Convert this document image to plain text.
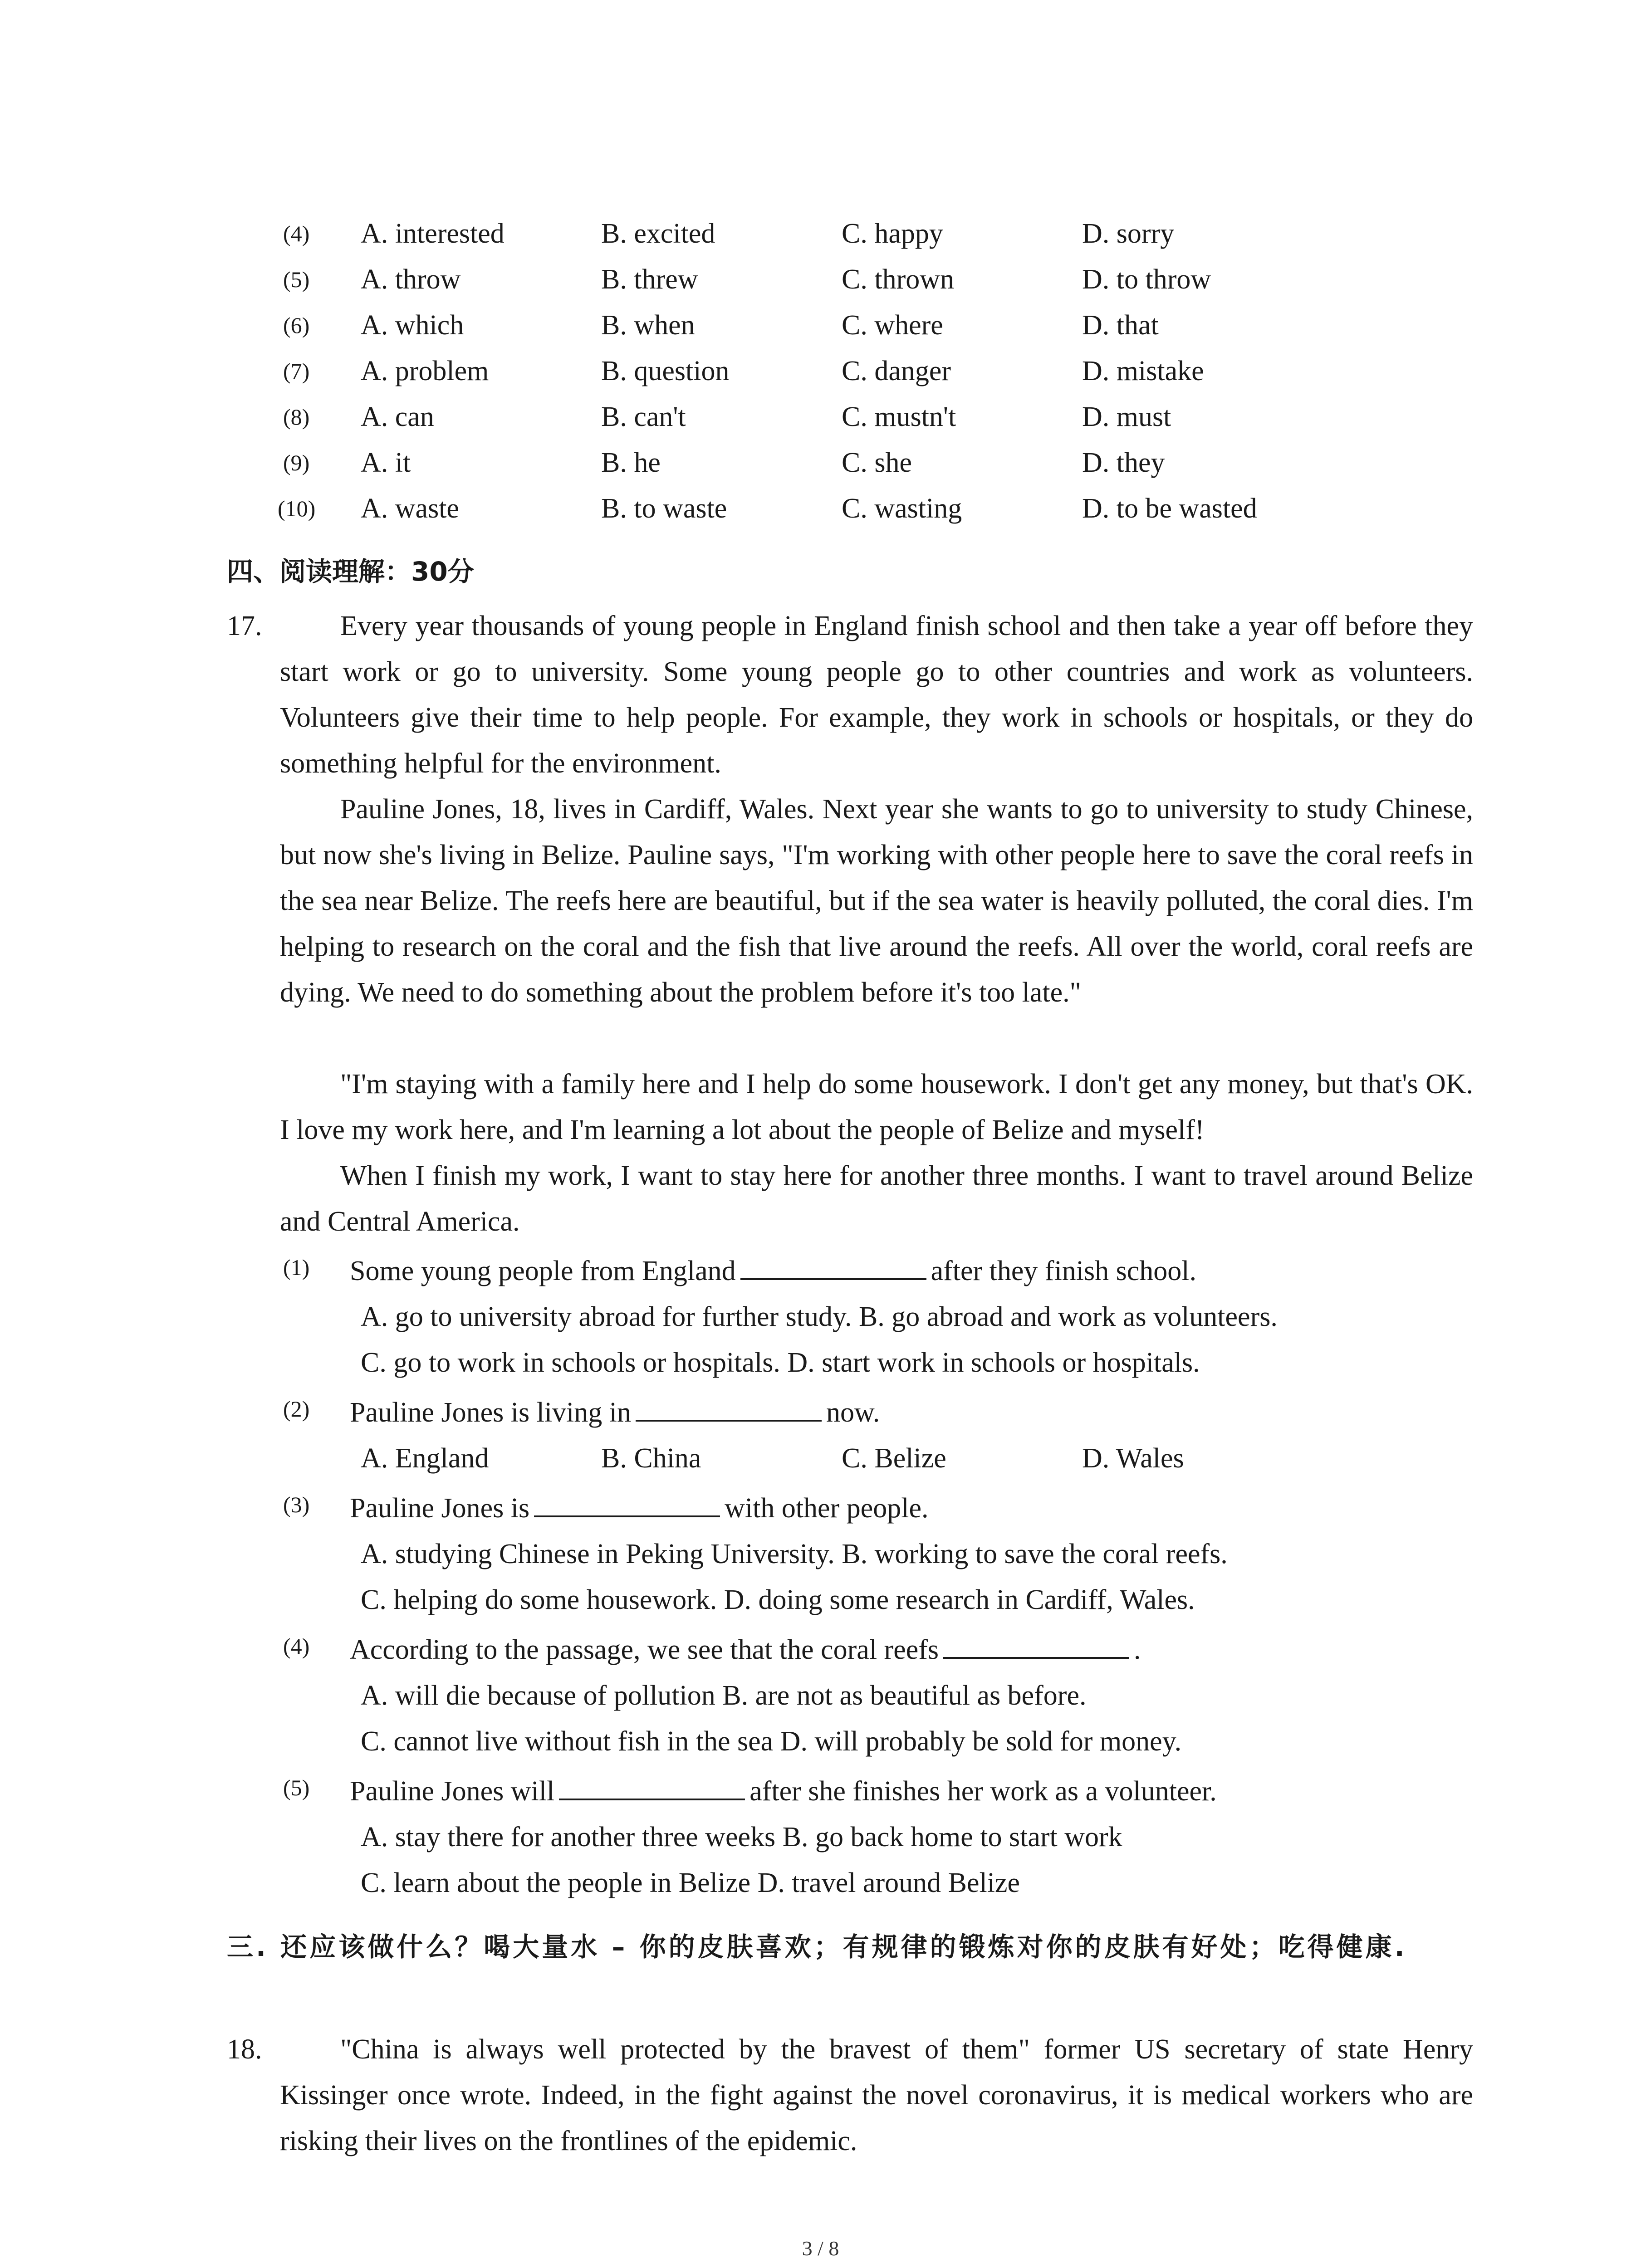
(4) A. interested	B. excited	C. happy	D. sorry
(5) A. throw	B. threw	C. thrown	D. to throw
(6) A. which	B. when	C. where	D. that
(7) A. problem	B. question	C. danger	D. mistake
(8) A. can	B. can't	C. mustn't	D. must
(9) A. it	B. he	C. she	D. they
(10) A. waste	B. to waste	C. wasting	D. to be wasted
四、阅读理解：30分
17.	Every year thousands of young people in England finish school and then take a year off before they start work or go to university. Some young people go to other countries and work as volunteers. Volunteers give their time to help people. For example, they work in schools or hospitals, or they do something helpful for the environment.
Pauline Jones, 18, lives in Cardiff, Wales. Next year she wants to go to university to study Chinese, but now she's living in Belize. Pauline says, "I'm working with other people here to save the coral reefs in the sea near Belize. The reefs here are beautiful, but if the sea water is heavily polluted, the coral dies. I'm helping to research on the coral and the fish that live around the reefs. All over the world, coral reefs are dying. We need to do something about the problem before it's too late."
"I'm staying with a family here and I help do some housework. I don't get any money, but that's OK. I love my work here, and I'm learning a lot about the people of Belize and myself!
When I finish my work, I want to stay here for another three months. I want to travel around Belize and Central America.
(1) Some young people from England	after they finish school.
A. go to university abroad for further study. B. go abroad and work as volunteers.
C. go to work in schools or hospitals. D. start work in schools or hospitals.
(2) Pauline Jones is living in	now.
A. England	B. China	C. Belize	D. Wales
(3) Pauline Jones is	with other people.
A. studying Chinese in Peking University. B. working to save the coral reefs.
C. helping do some housework. D. doing some research in Cardiff, Wales.
(4) According to the passage, we see that the coral reefs	.
A. will die because of pollution B. are not as beautiful as before.
C. cannot live without fish in the sea D. will probably be sold for money.
(5) Pauline Jones will	after she finishes her work as a volunteer.
A. stay there for another three weeks B. go back home to start work
C. learn about the people in Belize D. travel around Belize
三. 还应该做什么？喝大量水 – 你的皮肤喜欢；有规律的锻炼对你的皮肤有好处；吃得健康.
18.	"China is always well protected by the bravest of them" former US secretary of state Henry Kissinger once wrote. Indeed, in the fight against the novel coronavirus, it is medical workers who are risking their lives on the frontlines of the epidemic.
3 / 8
